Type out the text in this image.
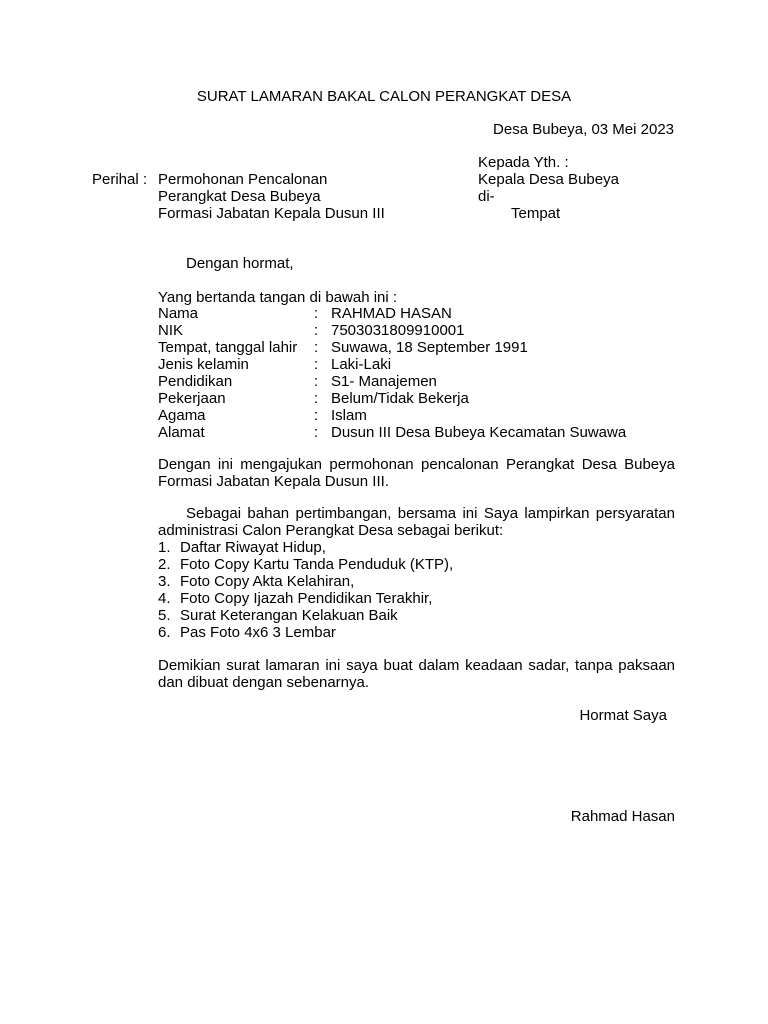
SURAT LAMARAN BAKAL CALON PERANGKAT DESA
Desa Bubeya, 03 Mei 2023
Kepada Yth. :
Kepala Desa Bubeya
di-
Tempat
Perihal : Permohonan Pencalonan
Perangkat Desa Bubeya
Formasi Jabatan Kepala Dusun III
Dengan hormat,
Yang bertanda tangan di bawah ini :
Nama	: RAHMAD HASAN
NIK	: 7503031809910001
Tempat, tanggal lahir	: Suwawa, 18 September 1991
Jenis kelamin	: Laki-Laki
Pendidikan	: S1- Manajemen
Pekerjaan	: Belum/Tidak Bekerja
Agama	: Islam
Alamat	: Dusun III Desa Bubeya Kecamatan Suwawa
Dengan ini mengajukan permohonan pencalonan Perangkat Desa Bubeya Formasi Jabatan Kepala Dusun III.
Sebagai bahan pertimbangan, bersama ini Saya lampirkan persyaratan administrasi Calon Perangkat Desa sebagai berikut:
1. Daftar Riwayat Hidup,
2. Foto Copy Kartu Tanda Penduduk (KTP),
3. Foto Copy Akta Kelahiran,
4. Foto Copy Ijazah Pendidikan Terakhir,
5. Surat Keterangan Kelakuan Baik
6. Pas Foto 4x6 3 Lembar
Demikian surat lamaran ini saya buat dalam keadaan sadar, tanpa paksaan dan dibuat dengan sebenarnya.
Hormat Saya
Rahmad Hasan
